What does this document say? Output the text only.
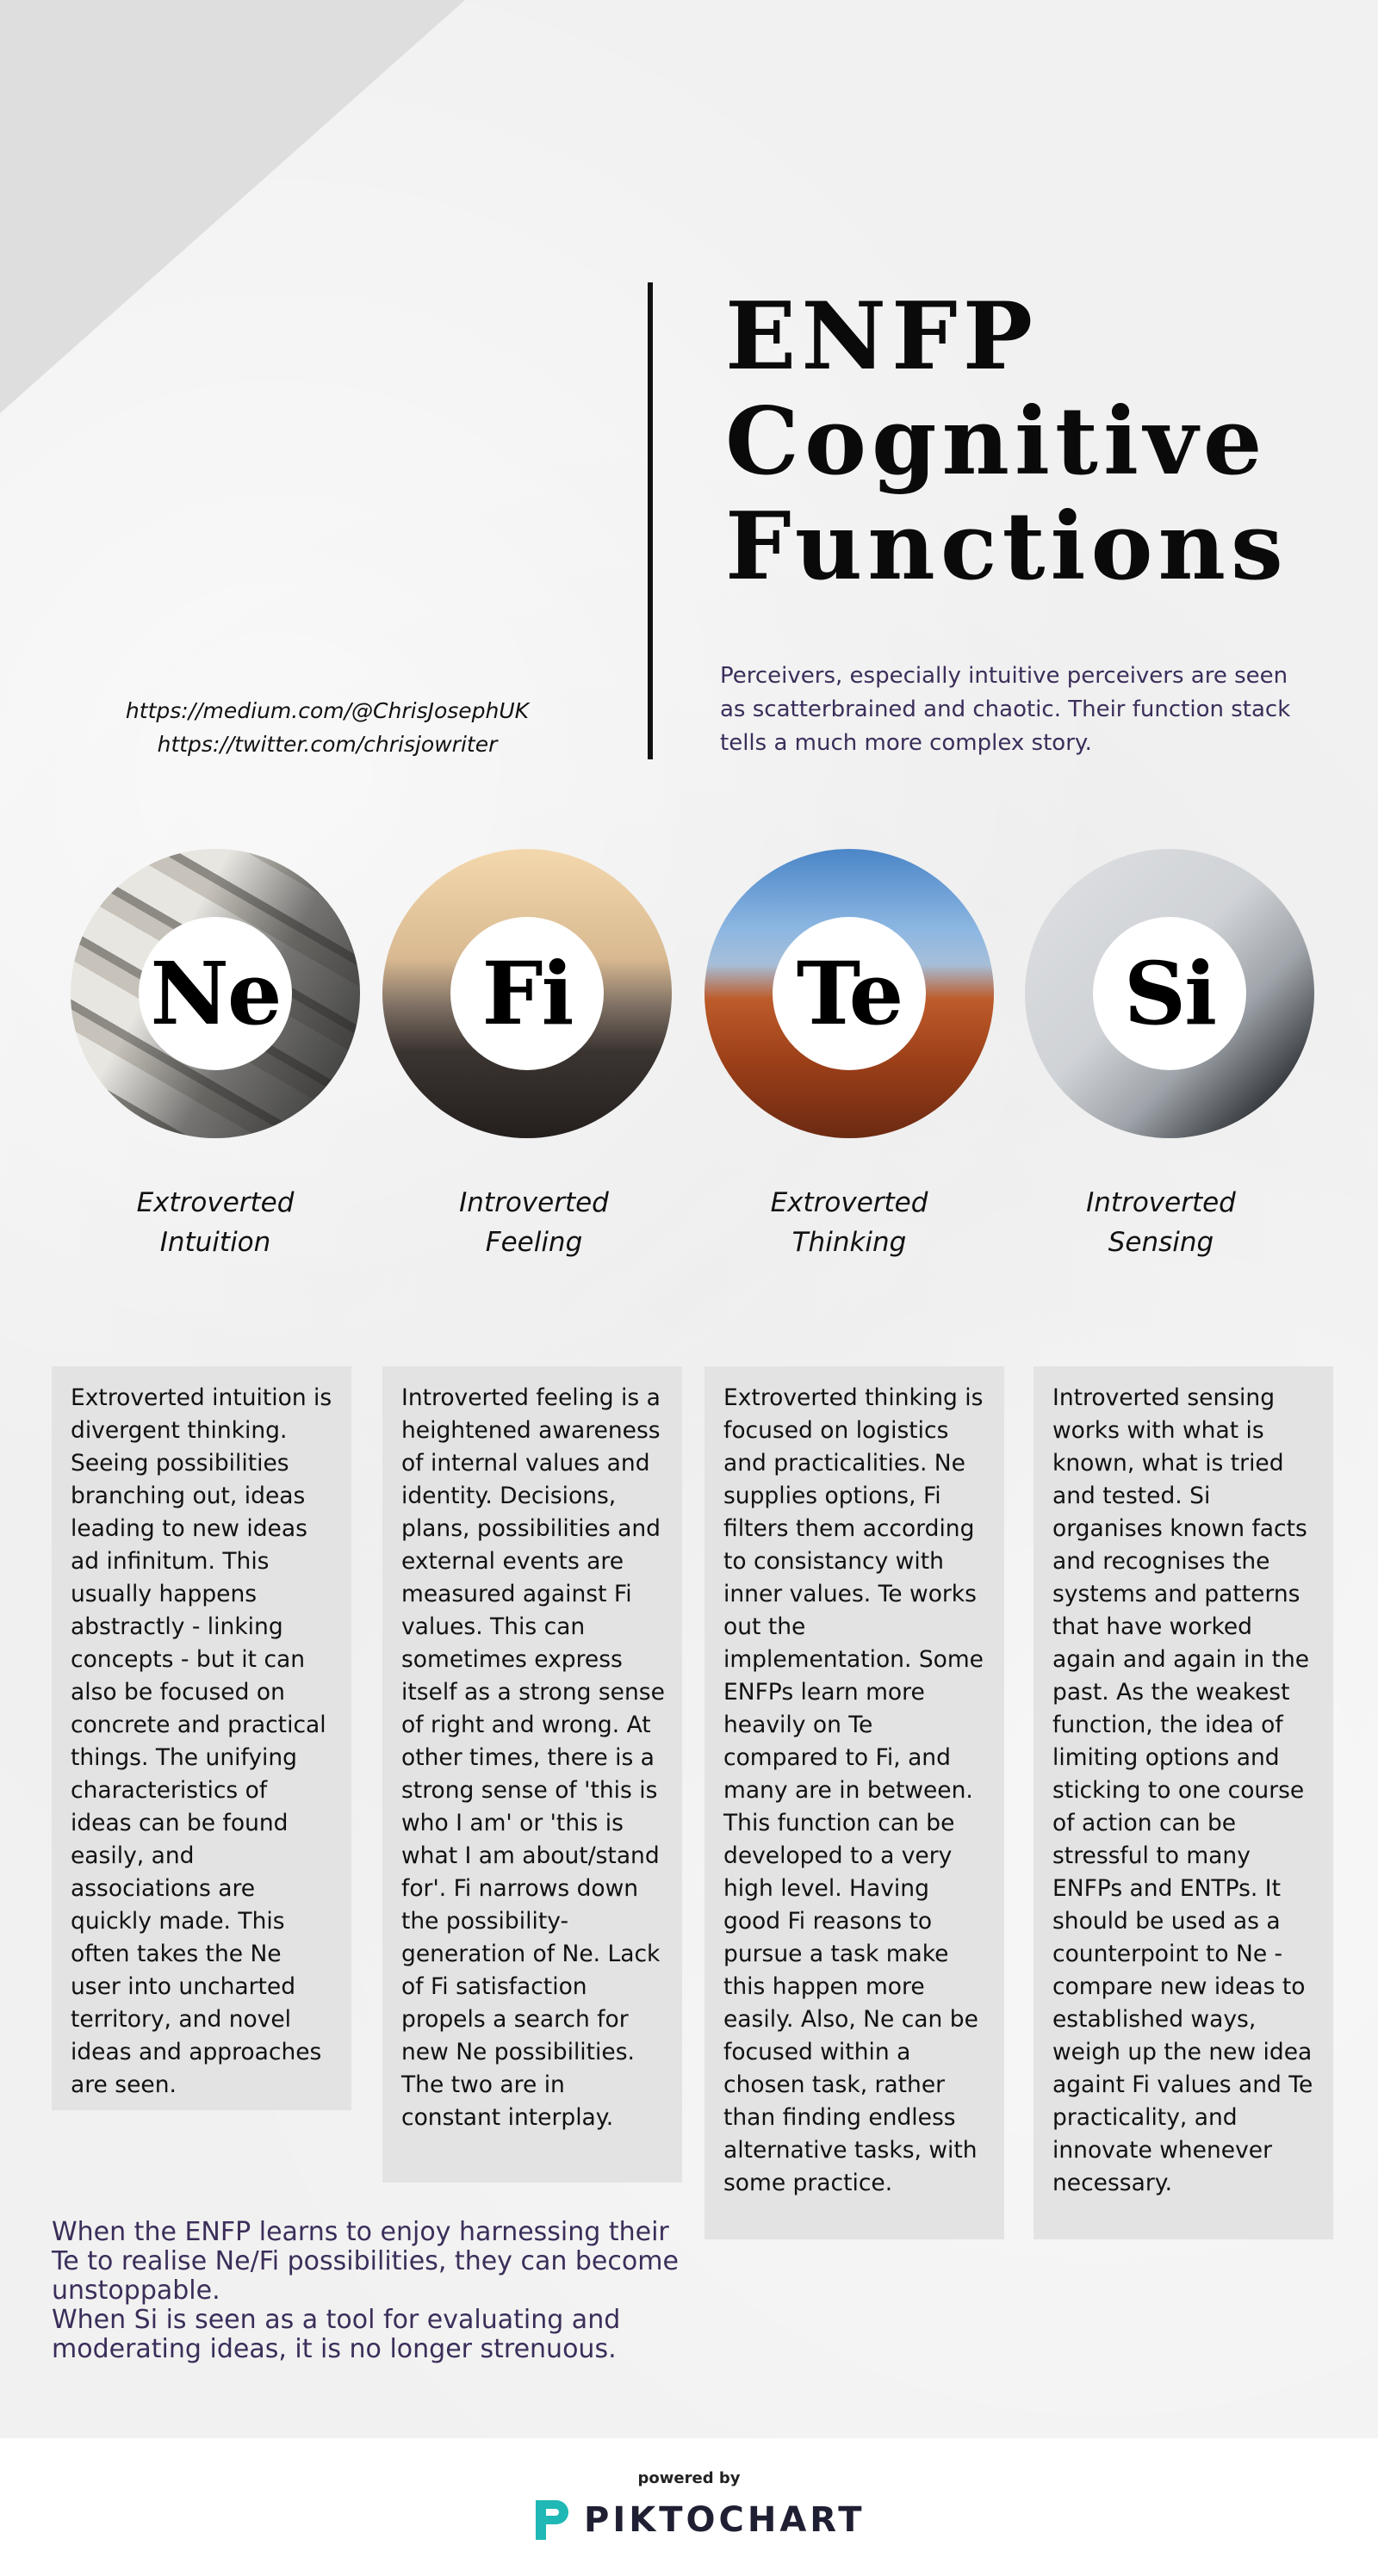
ENFP
Cognitive
Functions

Perceivers, especially intuitive perceivers are seen as scatterbrained and chaotic. Their function stack tells a much more complex story.

https://medium.com/@ChrisJosephUK
https://twitter.com/chrisjowriter
Ne	Fi	Te	Si
Extroverted
Intuition
Introverted
Feeling
Extroverted
Thinking
Introverted
Sensing

Extroverted intuition is divergent thinking. Seeing possibilities branching out, ideas leading to new ideas ad infinitum. This usually happens abstractly - linking concepts - but it can also be focused on concrete and practical things. The unifying characteristics of ideas can be found easily, and associations are quickly made. This often takes the Ne user into uncharted territory, and novel ideas and approaches are seen.

Introverted feeling is a heightened awareness of internal values and identity. Decisions, plans, possibilities and external events are measured against Fi values. This can sometimes express itself as a strong sense of right and wrong. At other times, there is a strong sense of 'this is who I am' or 'this is what I am about/stand for'. Fi narrows down the possibility-generation of Ne. Lack of Fi satisfaction propels a search for new Ne possibilities. The two are in constant interplay.

Extroverted thinking is focused on logistics and practicalities. Ne supplies options, Fi filters them according to consistancy with inner values. Te works out the implementation. Some ENFPs learn more heavily on Te compared to Fi, and many are in between. This function can be developed to a very high level. Having good Fi reasons to pursue a task make this happen more easily. Also, Ne can be focused within a chosen task, rather than finding endless alternative tasks, with some practice.

Introverted sensing works with what is known, what is tried and tested. Si organises known facts and recognises the systems and patterns that have worked again and again in the past. As the weakest function, the idea of limiting options and sticking to one course of action can be stressful to many ENFPs and ENTPs. It should be used as a counterpoint to Ne - compare new ideas to established ways, weigh up the new idea againt Fi values and Te practicality, and innovate whenever necessary.

When the ENFP learns to enjoy harnessing their Te to realise Ne/Fi possibilities, they can become unstoppable.

When Si is seen as a tool for evaluating and moderating ideas, it is no longer strenuous.

powered by
PIKTOCHART
